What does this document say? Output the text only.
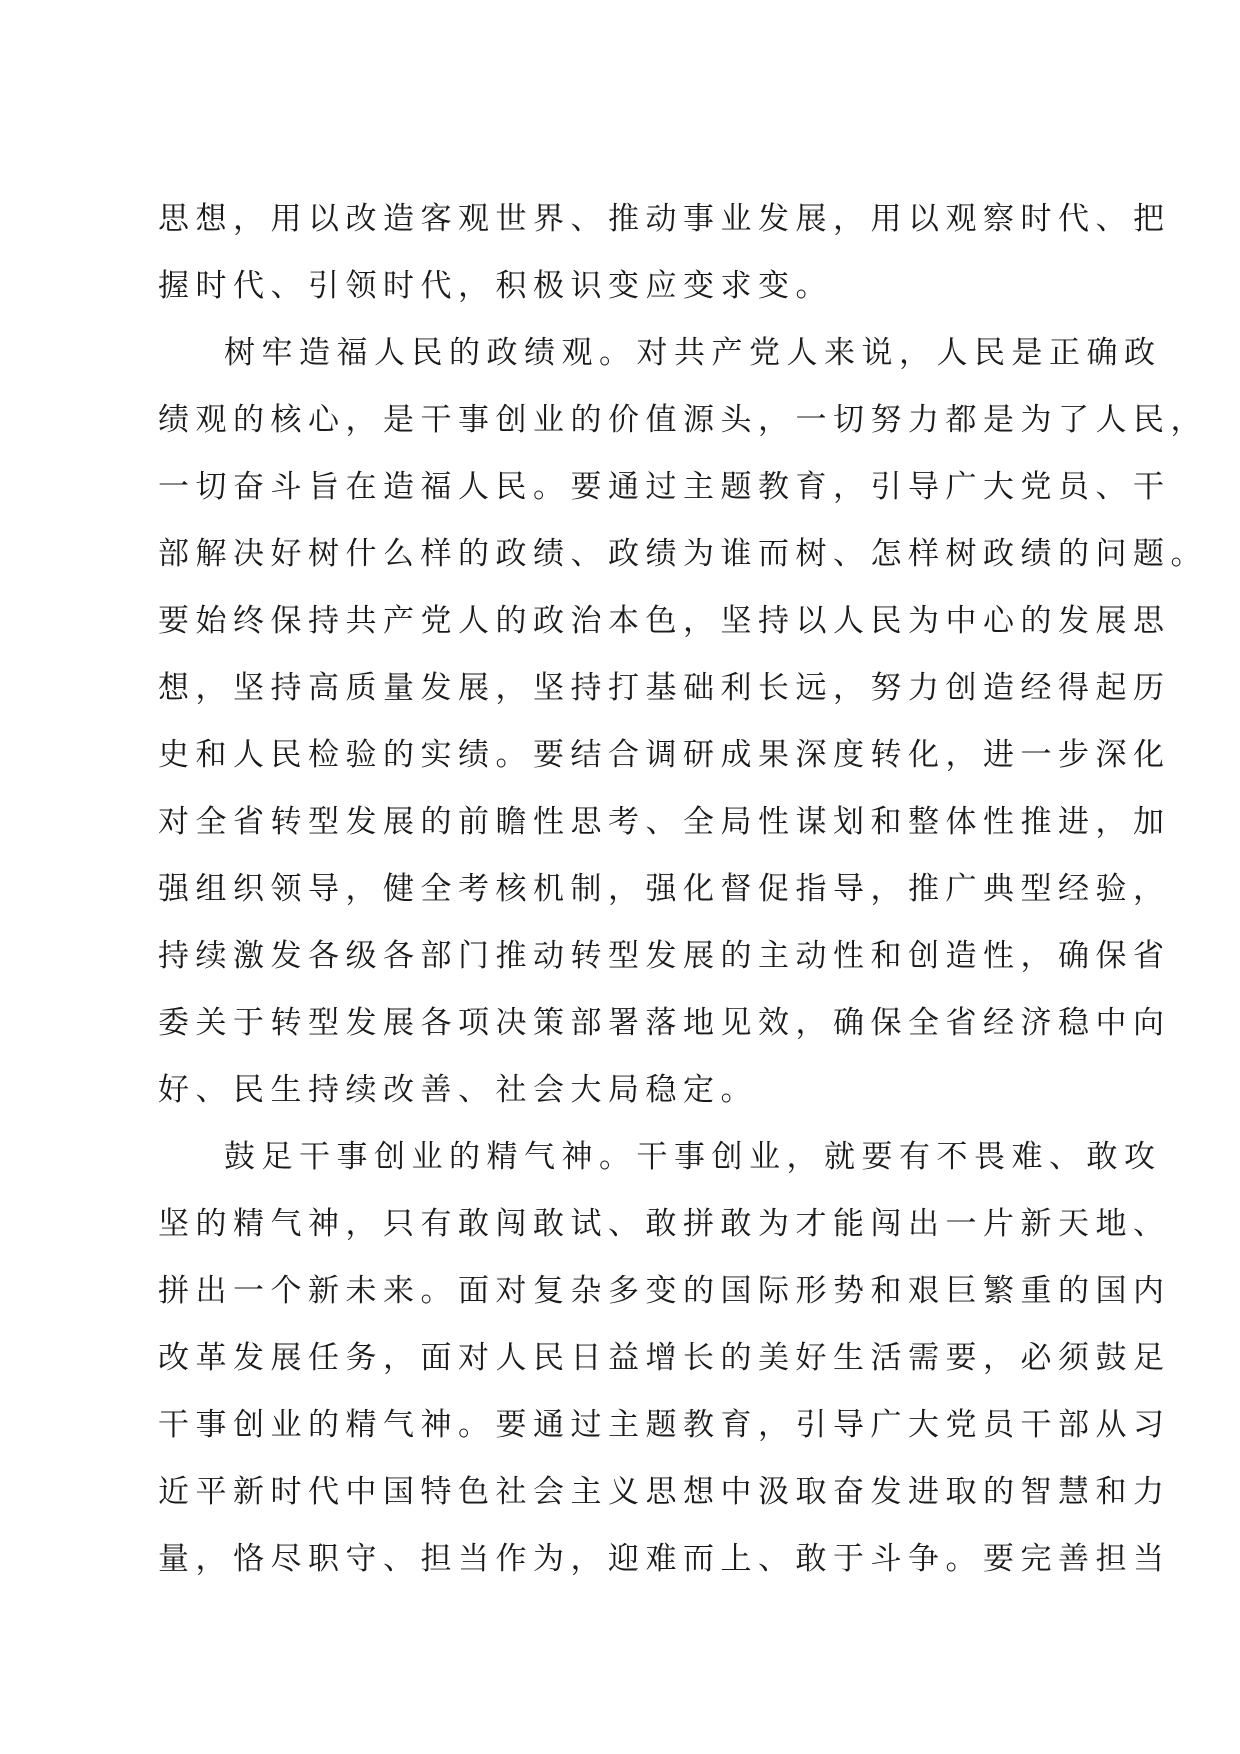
思想，用以改造客观世界、推动事业发展，用以观察时代、把
握时代、引领时代，积极识变应变求变。
树牢造福人民的政绩观。对共产党人来说，人民是正确政
绩观的核心，是干事创业的价值源头，一切努力都是为了人民，
一切奋斗旨在造福人民。要通过主题教育，引导广大党员、干
部解决好树什么样的政绩、政绩为谁而树、怎样树政绩的问题。
要始终保持共产党人的政治本色，坚持以人民为中心的发展思
想，坚持高质量发展，坚持打基础利长远，努力创造经得起历
史和人民检验的实绩。要结合调研成果深度转化，进一步深化
对全省转型发展的前瞻性思考、全局性谋划和整体性推进，加
强组织领导，健全考核机制，强化督促指导，推广典型经验，
持续激发各级各部门推动转型发展的主动性和创造性，确保省
委关于转型发展各项决策部署落地见效，确保全省经济稳中向
好、民生持续改善、社会大局稳定。
鼓足干事创业的精气神。干事创业，就要有不畏难、敢攻
坚的精气神，只有敢闯敢试、敢拼敢为才能闯出一片新天地、
拼出一个新未来。面对复杂多变的国际形势和艰巨繁重的国内
改革发展任务，面对人民日益增长的美好生活需要，必须鼓足
干事创业的精气神。要通过主题教育，引导广大党员干部从习
近平新时代中国特色社会主义思想中汲取奋发进取的智慧和力
量，恪尽职守、担当作为，迎难而上、敢于斗争。要完善担当
